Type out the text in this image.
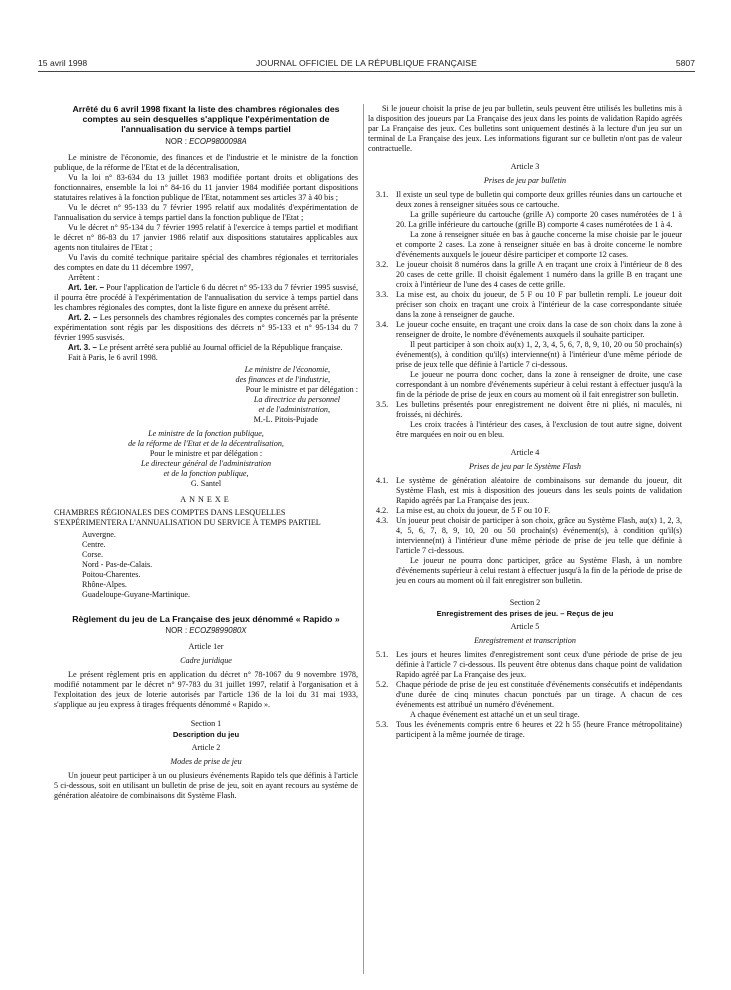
15 avril 1998	JOURNAL OFFICIEL DE LA RÉPUBLIQUE FRANÇAISE	5807
Arrêté du 6 avril 1998 fixant la liste des chambres régionales des comptes au sein desquelles s'applique l'expérimentation de l'annualisation du service à temps partiel
NOR : ECOP9800098A

Le ministre de l'économie, des finances et de l'industrie et le ministre de la fonction publique, de la réforme de l'Etat et de la décentralisation,

Vu la loi n° 83-634 du 13 juillet 1983 modifiée portant droits et obligations des fonctionnaires, ensemble la loi n° 84-16 du 11 janvier 1984 modifiée portant dispositions statutaires relatives à la fonction publique de l'Etat, notamment ses articles 37 à 40 bis ;

Vu le décret n° 95-133 du 7 février 1995 relatif aux modalités d'expérimentation de l'annualisation du service à temps partiel dans la fonction publique de l'Etat ;

Vu le décret n° 95-134 du 7 février 1995 relatif à l'exercice à temps partiel et modifiant le décret n° 86-83 du 17 janvier 1986 relatif aux dispositions statutaires applicables aux agents non titulaires de l'Etat ;

Vu l'avis du comité technique paritaire spécial des chambres régionales et territoriales des comptes en date du 11 décembre 1997,

Arrêtent :

Art. 1er. – Pour l'application de l'article 6 du décret n° 95-133 du 7 février 1995 susvisé, il pourra être procédé à l'expérimentation de l'annualisation du service à temps partiel dans les chambres régionales des comptes, dont la liste figure en annexe du présent arrêté.

Art. 2. – Les personnels des chambres régionales des comptes concernés par la présente expérimentation sont régis par les dispositions des décrets n° 95-133 et n° 95-134 du 7 février 1995 susvisés.

Art. 3. – Le présent arrêté sera publié au Journal officiel de la République française.

Fait à Paris, le 6 avril 1998.

Le ministre de l'économie,
des finances et de l'industrie,
Pour le ministre et par délégation :
La directrice du personnel
et de l'administration,
M.-L. Pitois-Pujade
Le ministre de la fonction publique,
de la réforme de l'Etat et de la décentralisation,
Pour le ministre et par délégation :
Le directeur général de l'administration
et de la fonction publique,
G. Santel
ANNEXE

CHAMBRES RÉGIONALES DES COMPTES DANS LESQUELLES S'EXPÉRIMENTERA L'ANNUALISATION DU SERVICE À TEMPS PARTIEL

Auvergne.
Centre.
Corse.
Nord - Pas-de-Calais.
Poitou-Charentes.
Rhône-Alpes.
Guadeloupe-Guyane-Martinique.
Règlement du jeu de La Française des jeux dénommé « Rapido »
NOR : ECOZ9899080X
Article 1er
Cadre juridique

Le présent règlement pris en application du décret n° 78-1067 du 9 novembre 1978, modifié notamment par le décret n° 97-783 du 31 juillet 1997, relatif à l'organisation et à l'exploitation des jeux de loterie autorisés par l'article 136 de la loi du 31 mai 1933, s'applique au jeu express à tirages fréquents dénommé « Rapido ».

Section 1
Description du jeu
Article 2
Modes de prise de jeu

Un joueur peut participer à un ou plusieurs événements Rapido tels que définis à l'article 5 ci-dessous, soit en utilisant un bulletin de prise de jeu, soit en ayant recours au système de génération aléatoire de combinaisons dit Système Flash.

Si le joueur choisit la prise de jeu par bulletin, seuls peuvent être utilisés les bulletins mis à la disposition des joueurs par La Française des jeux dans les points de validation Rapido agréés par La Française des jeux. Ces bulletins sont uniquement destinés à la lecture d'un jeu sur un terminal de La Française des jeux. Les informations figurant sur ce bulletin n'ont pas de valeur contractuelle.

Article 3
Prises de jeu par bulletin

3.1. Il existe un seul type de bulletin qui comporte deux grilles réunies dans un cartouche et deux zones à renseigner situées sous ce cartouche.

La grille supérieure du cartouche (grille A) comporte 20 cases numérotées de 1 à 20. La grille inférieure du cartouche (grille B) comporte 4 cases numérotées de 1 à 4.

La zone à renseigner située en bas à gauche concerne la mise choisie par le joueur et comporte 2 cases. La zone à renseigner située en bas à droite concerne le nombre d'événements auxquels le joueur désire participer et comporte 12 cases.

3.2. Le joueur choisit 8 numéros dans la grille A en traçant une croix à l'intérieur de 8 des 20 cases de cette grille. Il choisit également 1 numéro dans la grille B en traçant une croix à l'intérieur de l'une des 4 cases de cette grille.

3.3. La mise est, au choix du joueur, de 5 F ou 10 F par bulletin rempli. Le joueur doit préciser son choix en traçant une croix à l'intérieur de la case correspondante située dans la zone à renseigner de gauche.

3.4. Le joueur coche ensuite, en traçant une croix dans la case de son choix dans la zone à renseigner de droite, le nombre d'événements auxquels il souhaite participer.

Il peut participer à son choix au(x) 1, 2, 3, 4, 5, 6, 7, 8, 9, 10, 20 ou 50 prochain(s) événement(s), à condition qu'il(s) intervienne(nt) à l'intérieur d'une même période de prise de jeux telle que définie à l'article 7 ci-dessous.

Le joueur ne pourra donc cocher, dans la zone à renseigner de droite, une case correspondant à un nombre d'événements supérieur à celui restant à effectuer jusqu'à la fin de la période de prise de jeux en cours au moment où il fait enregistrer son bulletin.

3.5. Les bulletins présentés pour enregistrement ne doivent être ni pliés, ni maculés, ni froissés, ni déchirés.

Les croix tracées à l'intérieur des cases, à l'exclusion de tout autre signe, doivent être marquées en noir ou en bleu.

Article 4
Prises de jeu par le Système Flash

4.1. Le système de génération aléatoire de combinaisons sur demande du joueur, dit Système Flash, est mis à disposition des joueurs dans les seuls points de validation Rapido agréés par La Française des jeux.

4.2. La mise est, au choix du joueur, de 5 F ou 10 F.

4.3. Un joueur peut choisir de participer à son choix, grâce au Système Flash, au(x) 1, 2, 3, 4, 5, 6, 7, 8, 9, 10, 20 ou 50 prochain(s) événement(s), à condition qu'il(s) intervienne(nt) à l'intérieur d'une même période de prise de jeu telle que définie à l'article 7 ci-dessous.

Le joueur ne pourra donc participer, grâce au Système Flash, à un nombre d'événements supérieur à celui restant à effectuer jusqu'à la fin de la période de prise de jeu en cours au moment où il fait enregistrer son bulletin.

Section 2
Enregistrement des prises de jeu. – Reçus de jeu
Article 5
Enregistrement et transcription

5.1. Les jours et heures limites d'enregistrement sont ceux d'une période de prise de jeu définie à l'article 7 ci-dessous. Ils peuvent être obtenus dans chaque point de validation Rapido agréé par La Française des jeux.

5.2. Chaque période de prise de jeu est constituée d'événements consécutifs et indépendants d'une durée de cinq minutes chacun ponctués par un tirage. A chacun de ces événements est attribué un numéro d'événement.

A chaque événement est attaché un et un seul tirage.

5.3. Tous les événements compris entre 6 heures et 22 h 55 (heure France métropolitaine) participent à la même journée de tirage.
